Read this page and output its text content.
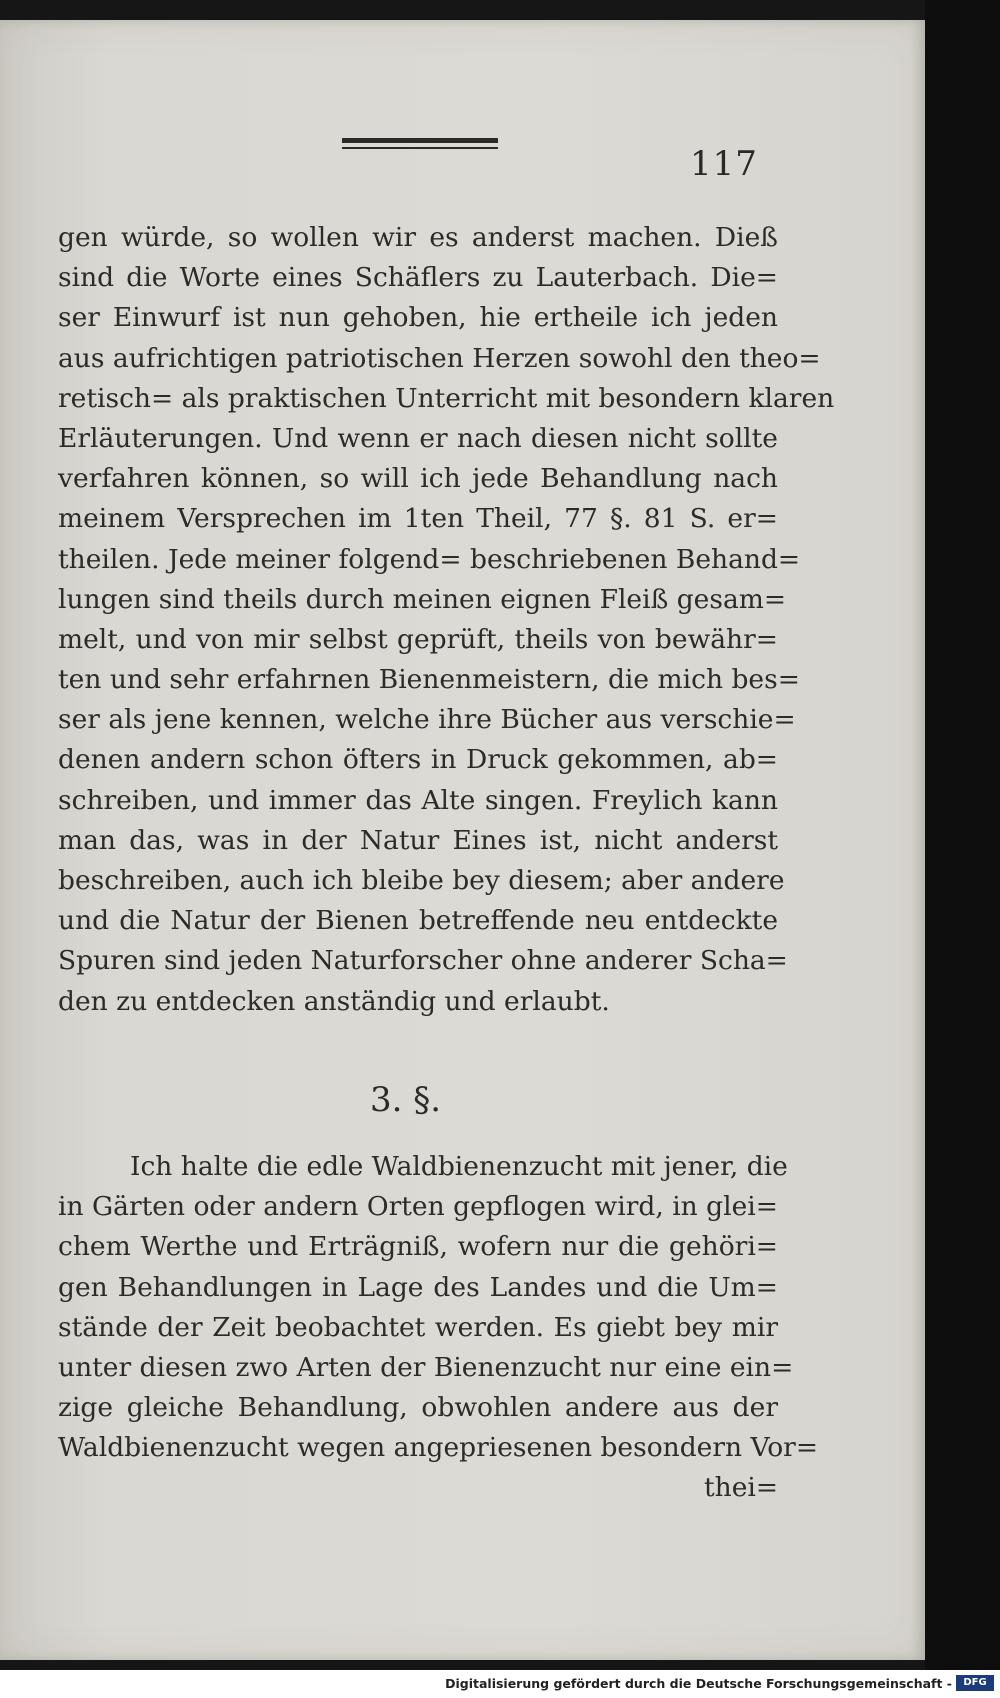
117
gen würde, so wollen wir es anderst machen. Dieß
sind die Worte eines Schäflers zu Lauterbach. Die=
ser Einwurf ist nun gehoben, hie ertheile ich jeden
aus aufrichtigen patriotischen Herzen sowohl den theo=
retisch= als praktischen Unterricht mit besondern klaren
Erläuterungen. Und wenn er nach diesen nicht sollte
verfahren können, so will ich jede Behandlung nach
meinem Versprechen im 1ten Theil, 77 §. 81 S. er=
theilen. Jede meiner folgend= beschriebenen Behand=
lungen sind theils durch meinen eignen Fleiß gesam=
melt, und von mir selbst geprüft, theils von bewähr=
ten und sehr erfahrnen Bienenmeistern, die mich bes=
ser als jene kennen, welche ihre Bücher aus verschie=
denen andern schon öfters in Druck gekommen, ab=
schreiben, und immer das Alte singen. Freylich kann
man das, was in der Natur Eines ist, nicht anderst
beschreiben, auch ich bleibe bey diesem; aber andere
und die Natur der Bienen betreffende neu entdeckte
Spuren sind jeden Naturforscher ohne anderer Scha=
den zu entdecken anständig und erlaubt.
3. §.
Ich halte die edle Waldbienenzucht mit jener, die
in Gärten oder andern Orten gepflogen wird, in glei=
chem Werthe und Erträgniß, wofern nur die gehöri=
gen Behandlungen in Lage des Landes und die Um=
stände der Zeit beobachtet werden. Es giebt bey mir
unter diesen zwo Arten der Bienenzucht nur eine ein=
zige gleiche Behandlung, obwohlen andere aus der
Waldbienenzucht wegen angepriesenen besondern Vor=
thei=
Digitalisierung gefördert durch die Deutsche Forschungsgemeinschaft -	DFG
